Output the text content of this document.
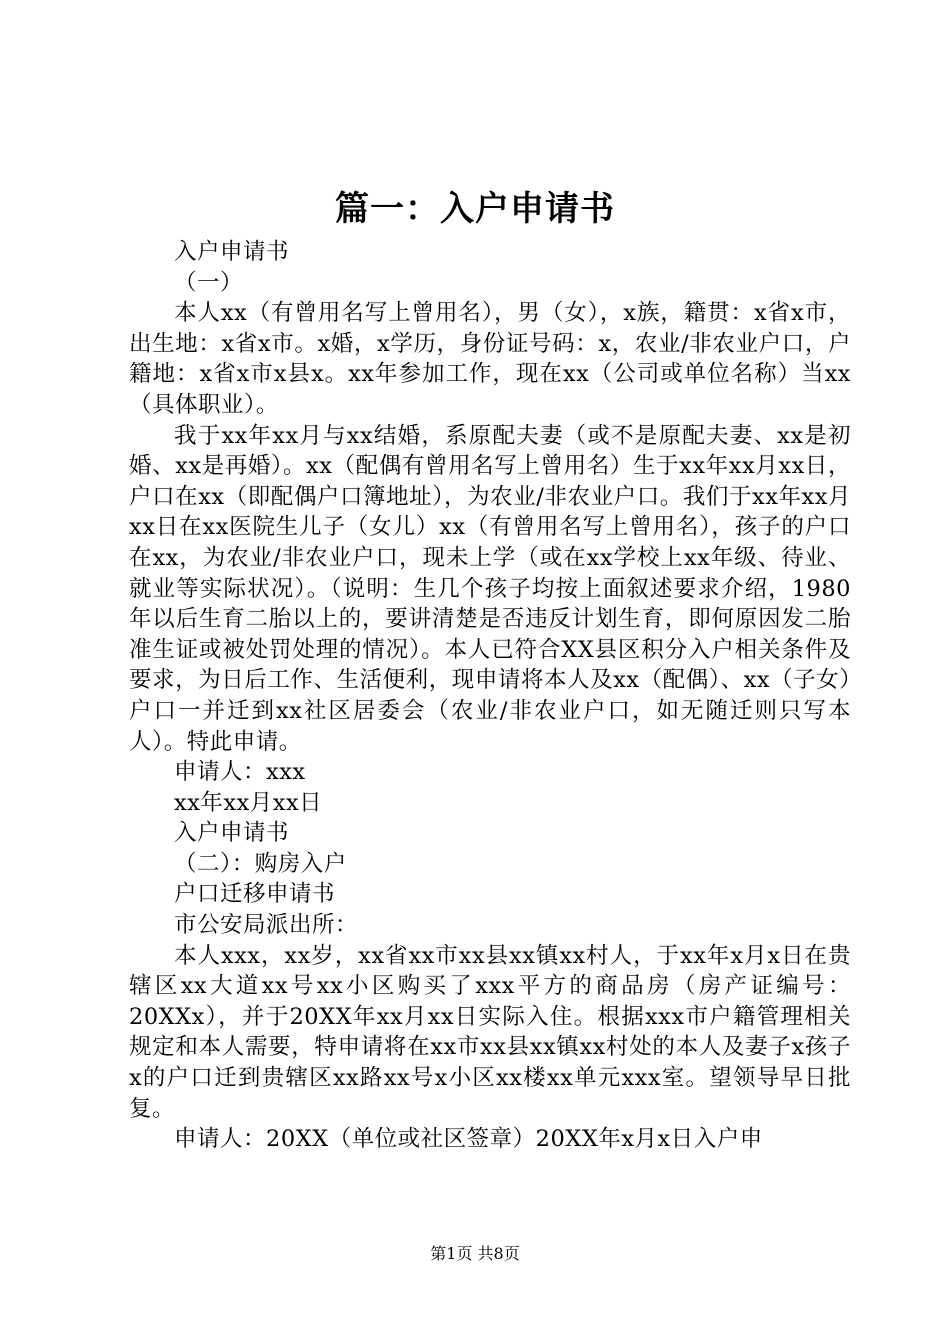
篇一：入户申请书

入户申请书

（一）

本人xx（有曾用名写上曾用名），男（女），x族，籍贯：x省x市，出生地：x省x市。x婚，x学历，身份证号码：x，农业/非农业户口，户籍地：x省x市x县x。xx年参加工作，现在xx（公司或单位名称）当xx（具体职业）。

我于xx年xx月与xx结婚，系原配夫妻（或不是原配夫妻、xx是初婚、xx是再婚）。xx（配偶有曾用名写上曾用名）生于xx年xx月xx日，户口在xx（即配偶户口簿地址），为农业/非农业户口。我们于xx年xx月xx日在xx医院生儿子（女儿）xx（有曾用名写上曾用名），孩子的户口在xx，为农业/非农业户口，现未上学（或在xx学校上xx年级、待业、就业等实际状况）。（说明：生几个孩子均按上面叙述要求介绍，1980年以后生育二胎以上的，要讲清楚是否违反计划生育，即何原因发二胎准生证或被处罚处理的情况）。本人已符合XX县区积分入户相关条件及要求，为日后工作、生活便利，现申请将本人及xx（配偶）、xx（子女）户口一并迁到xx社区居委会（农业/非农业户口，如无随迁则只写本人）。特此申请。

申请人：xxx

xx年xx月xx日

入户申请书

（二）：购房入户

户口迁移申请书

市公安局派出所：

本人xxx，xx岁，xx省xx市xx县xx镇xx村人，于xx年x月x日在贵辖区xx大道xx号xx小区购买了xxx平方的商品房（房产证编号：20XXx），并于20XX年xx月xx日实际入住。根据xxx市户籍管理相关规定和本人需要，特申请将在xx市xx县xx镇xx村处的本人及妻子x孩子x的户口迁到贵辖区xx路xx号x小区xx楼xx单元xxx室。望领导早日批复。

申请人：20XX（单位或社区签章）20XX年x月x日入户申

第1页 共8页
